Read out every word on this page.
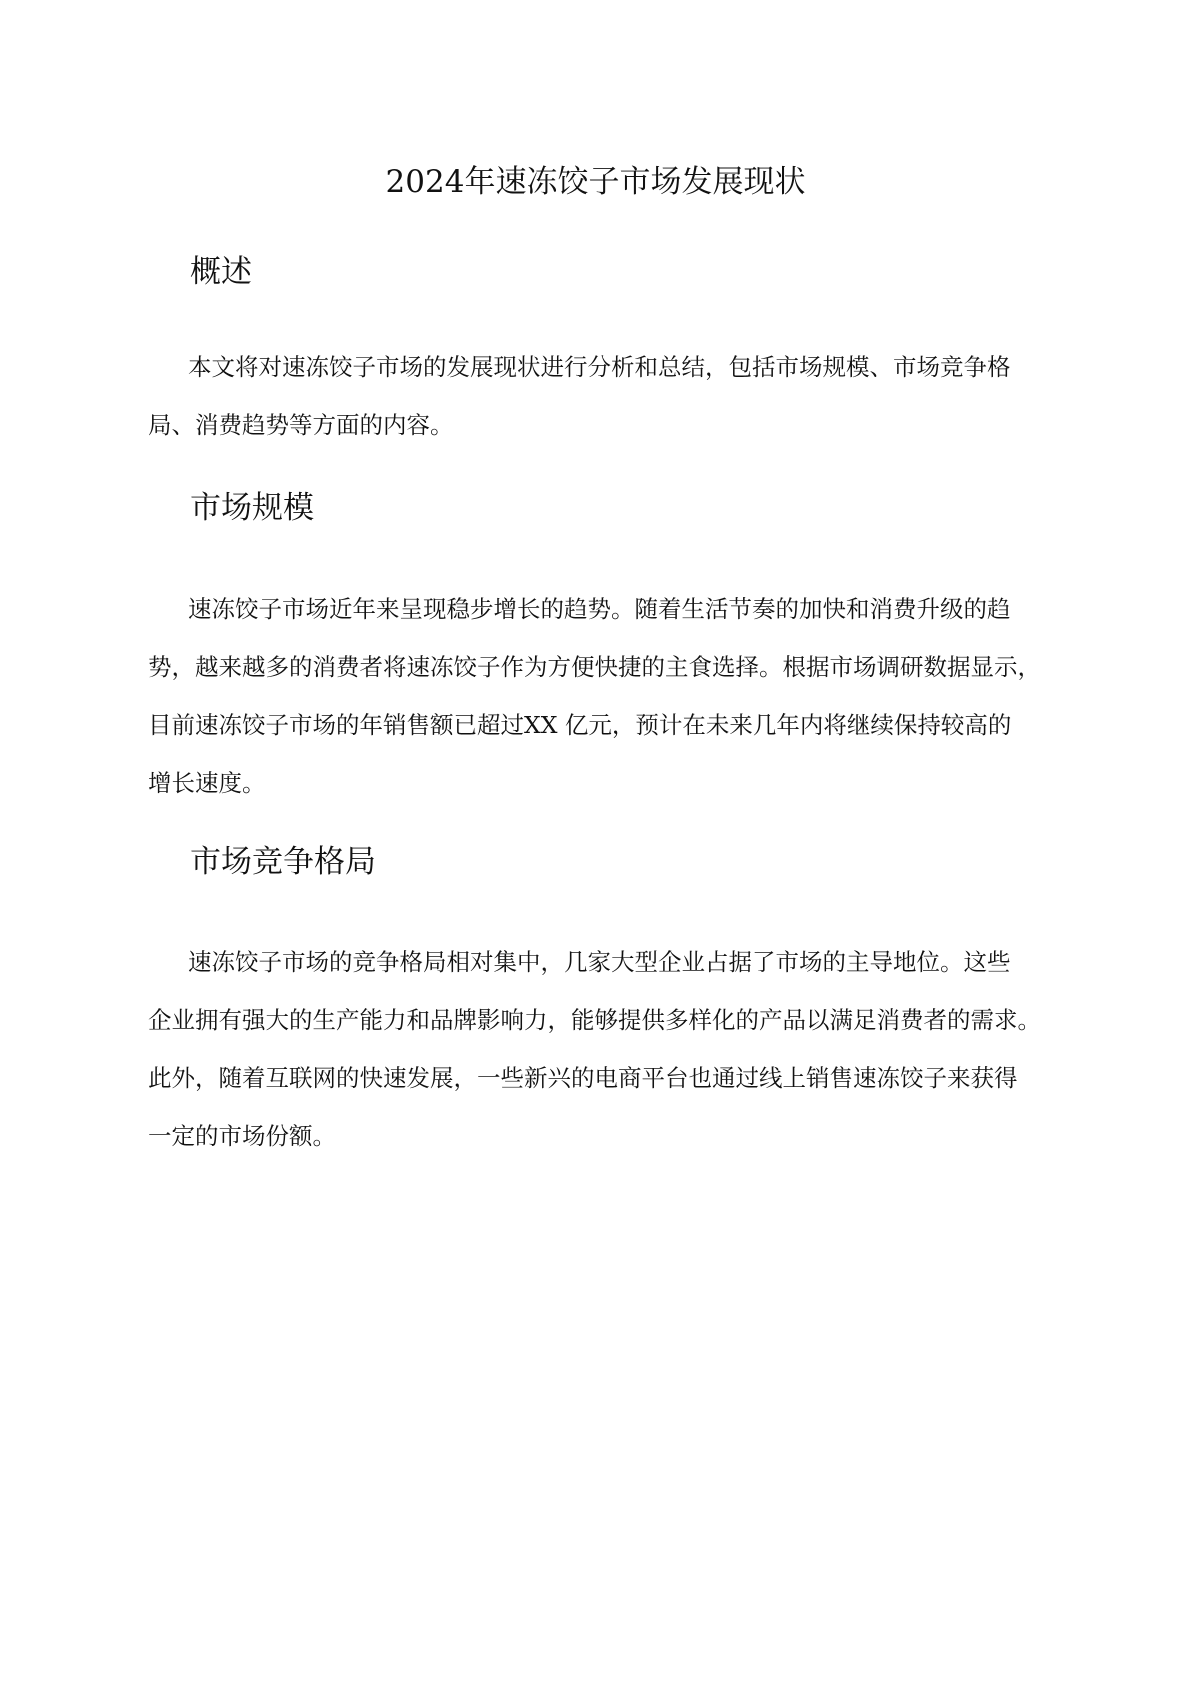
2024年速冻饺子市场发展现状
概述
本文将对速冻饺子市场的发展现状进行分析和总结，包括市场规模、市场竞争格
局、消费趋势等方面的内容。
市场规模
速冻饺子市场近年来呈现稳步增长的趋势。随着生活节奏的加快和消费升级的趋
势，越来越多的消费者将速冻饺子作为方便快捷的主食选择。根据市场调研数据显示，
目前速冻饺子市场的年销售额已超过XX 亿元，预计在未来几年内将继续保持较高的
增长速度。
市场竞争格局
速冻饺子市场的竞争格局相对集中，几家大型企业占据了市场的主导地位。这些
企业拥有强大的生产能力和品牌影响力，能够提供多样化的产品以满足消费者的需求。
此外，随着互联网的快速发展，一些新兴的电商平台也通过线上销售速冻饺子来获得
一定的市场份额。
